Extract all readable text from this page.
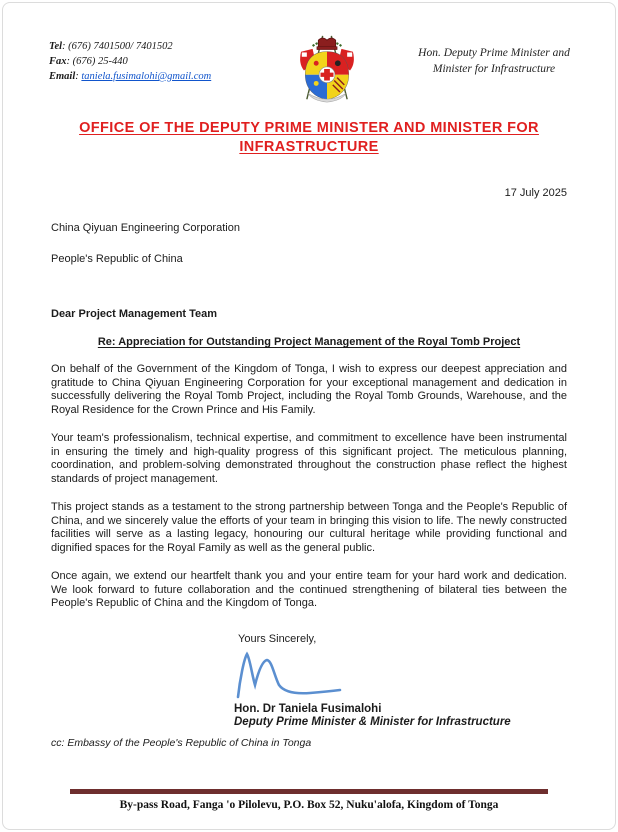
Tel: (676) 7401500/ 7401502
Fax: (676) 25-440
Email: taniela.fusimalohi@gmail.com
Hon. Deputy Prime Minister and Minister for Infrastructure
OFFICE OF THE DEPUTY PRIME MINISTER AND MINISTER FOR INFRASTRUCTURE
17 July 2025
China Qiyuan Engineering Corporation
People's Republic of China
Dear Project Management Team
Re: Appreciation for Outstanding Project Management of the Royal Tomb Project

On behalf of the Government of the Kingdom of Tonga, I wish to express our deepest appreciation and gratitude to China Qiyuan Engineering Corporation for your exceptional management and dedication in successfully delivering the Royal Tomb Project, including the Royal Tomb Grounds, Warehouse, and the Royal Residence for the Crown Prince and His Family.

Your team's professionalism, technical expertise, and commitment to excellence have been instrumental in ensuring the timely and high-quality progress of this significant project. The meticulous planning, coordination, and problem-solving demonstrated throughout the construction phase reflect the highest standards of project management.

This project stands as a testament to the strong partnership between Tonga and the People's Republic of China, and we sincerely value the efforts of your team in bringing this vision to life. The newly constructed facilities will serve as a lasting legacy, honouring our cultural heritage while providing functional and dignified spaces for the Royal Family as well as the general public.

Once again, we extend our heartfelt thank you and your entire team for your hard work and dedication. We look forward to future collaboration and the continued strengthening of bilateral ties between the People's Republic of China and the Kingdom of Tonga.

Yours Sincerely,
Hon. Dr Taniela Fusimalohi
Deputy Prime Minister & Minister for Infrastructure
cc: Embassy of the People's Republic of China in Tonga
By-pass Road, Fanga 'o Pilolevu, P.O. Box 52, Nuku'alofa, Kingdom of Tonga
